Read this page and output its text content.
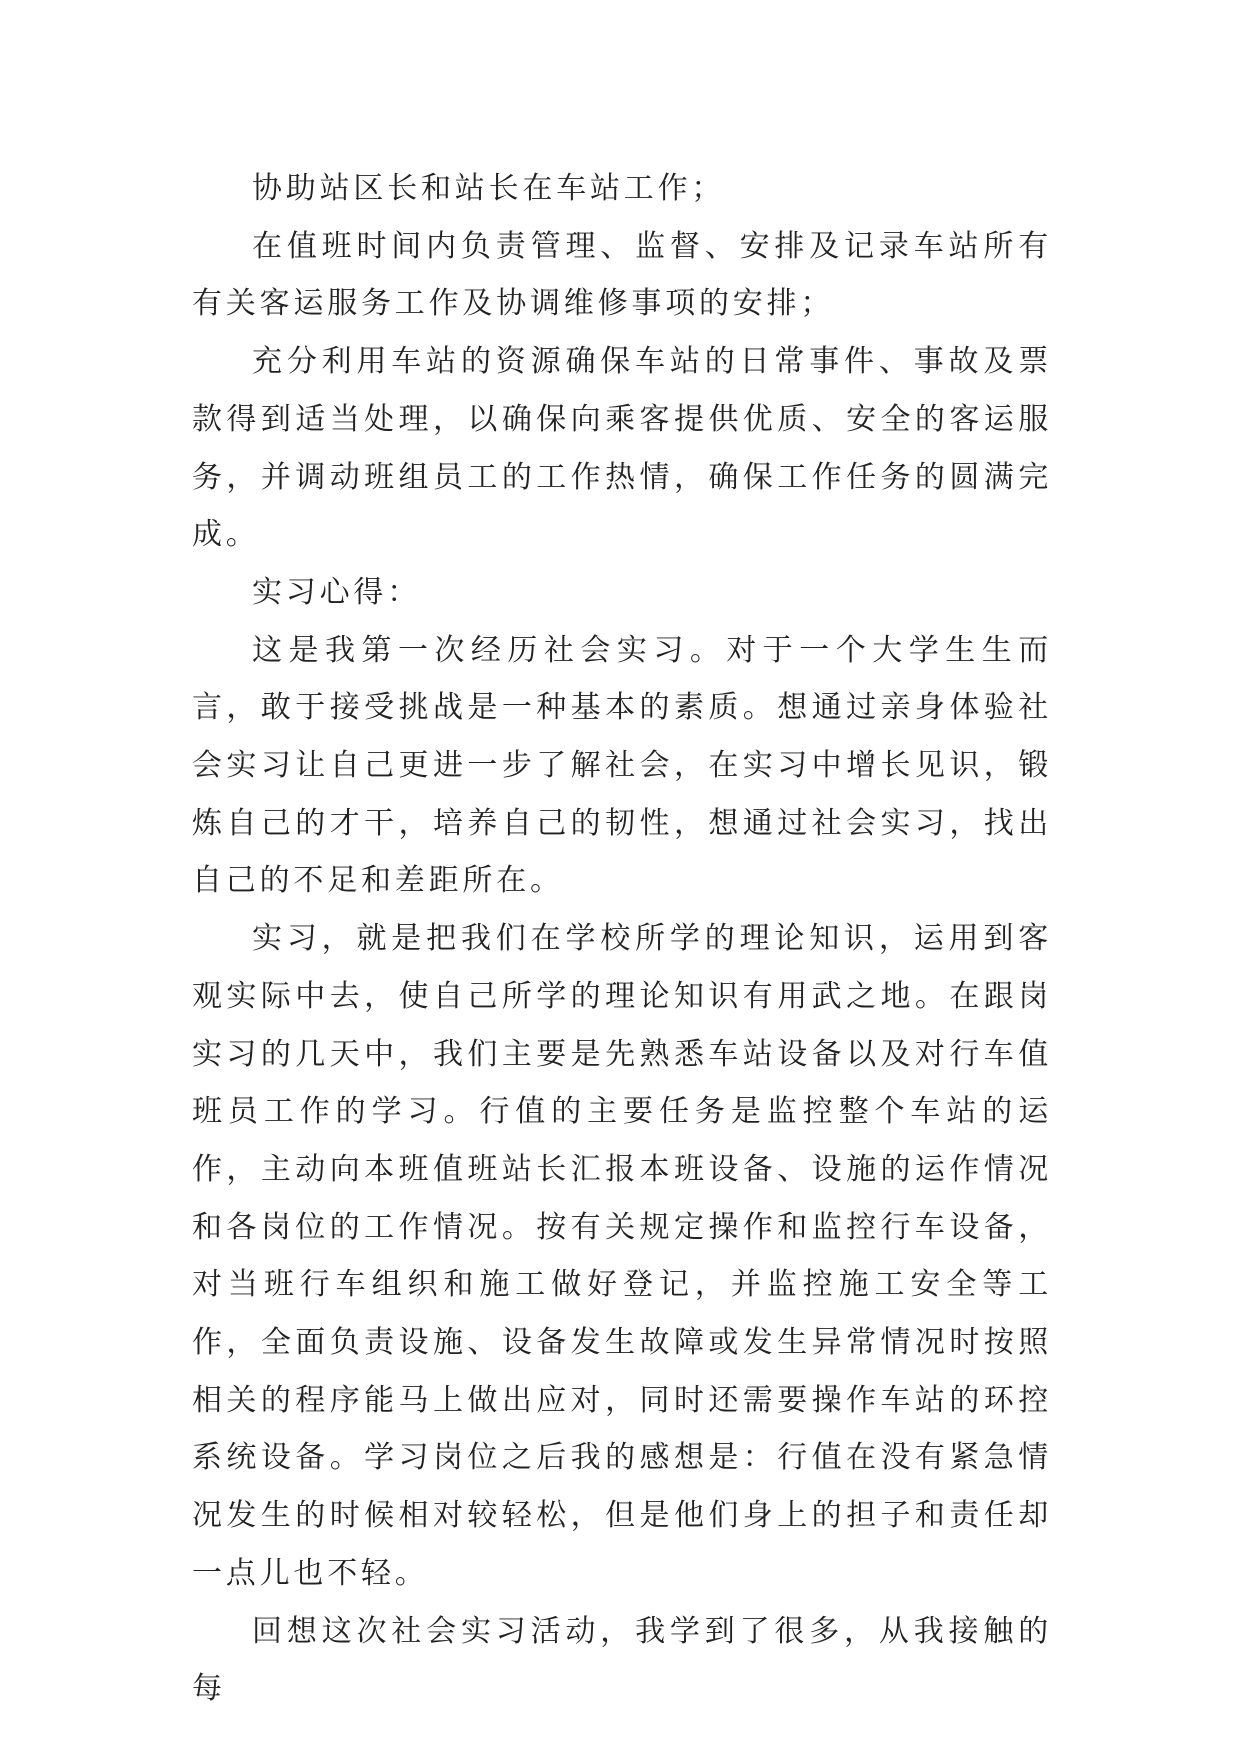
协助站区长和站长在车站工作；

在值班时间内负责管理、监督、安排及记录车站所有有关客运服务工作及协调维修事项的安排；

充分利用车站的资源确保车站的日常事件、事故及票款得到适当处理，以确保向乘客提供优质、安全的客运服务，并调动班组员工的工作热情，确保工作任务的圆满完成。

实习心得：

这是我第一次经历社会实习。对于一个大学生生而言，敢于接受挑战是一种基本的素质。想通过亲身体验社会实习让自己更进一步了解社会，在实习中增长见识，锻炼自己的才干，培养自己的韧性，想通过社会实习，找出自己的不足和差距所在。

实习，就是把我们在学校所学的理论知识，运用到客观实际中去，使自己所学的理论知识有用武之地。在跟岗实习的几天中，我们主要是先熟悉车站设备以及对行车值班员工作的学习。行值的主要任务是监控整个车站的运作，主动向本班值班站长汇报本班设备、设施的运作情况和各岗位的工作情况。按有关规定操作和监控行车设备，对当班行车组织和施工做好登记，并监控施工安全等工作，全面负责设施、设备发生故障或发生异常情况时按照相关的程序能马上做出应对，同时还需要操作车站的环控系统设备。学习岗位之后我的感想是：行值在没有紧急情况发生的时候相对较轻松，但是他们身上的担子和责任却一点儿也不轻。

回想这次社会实习活动，我学到了很多，从我接触的每
